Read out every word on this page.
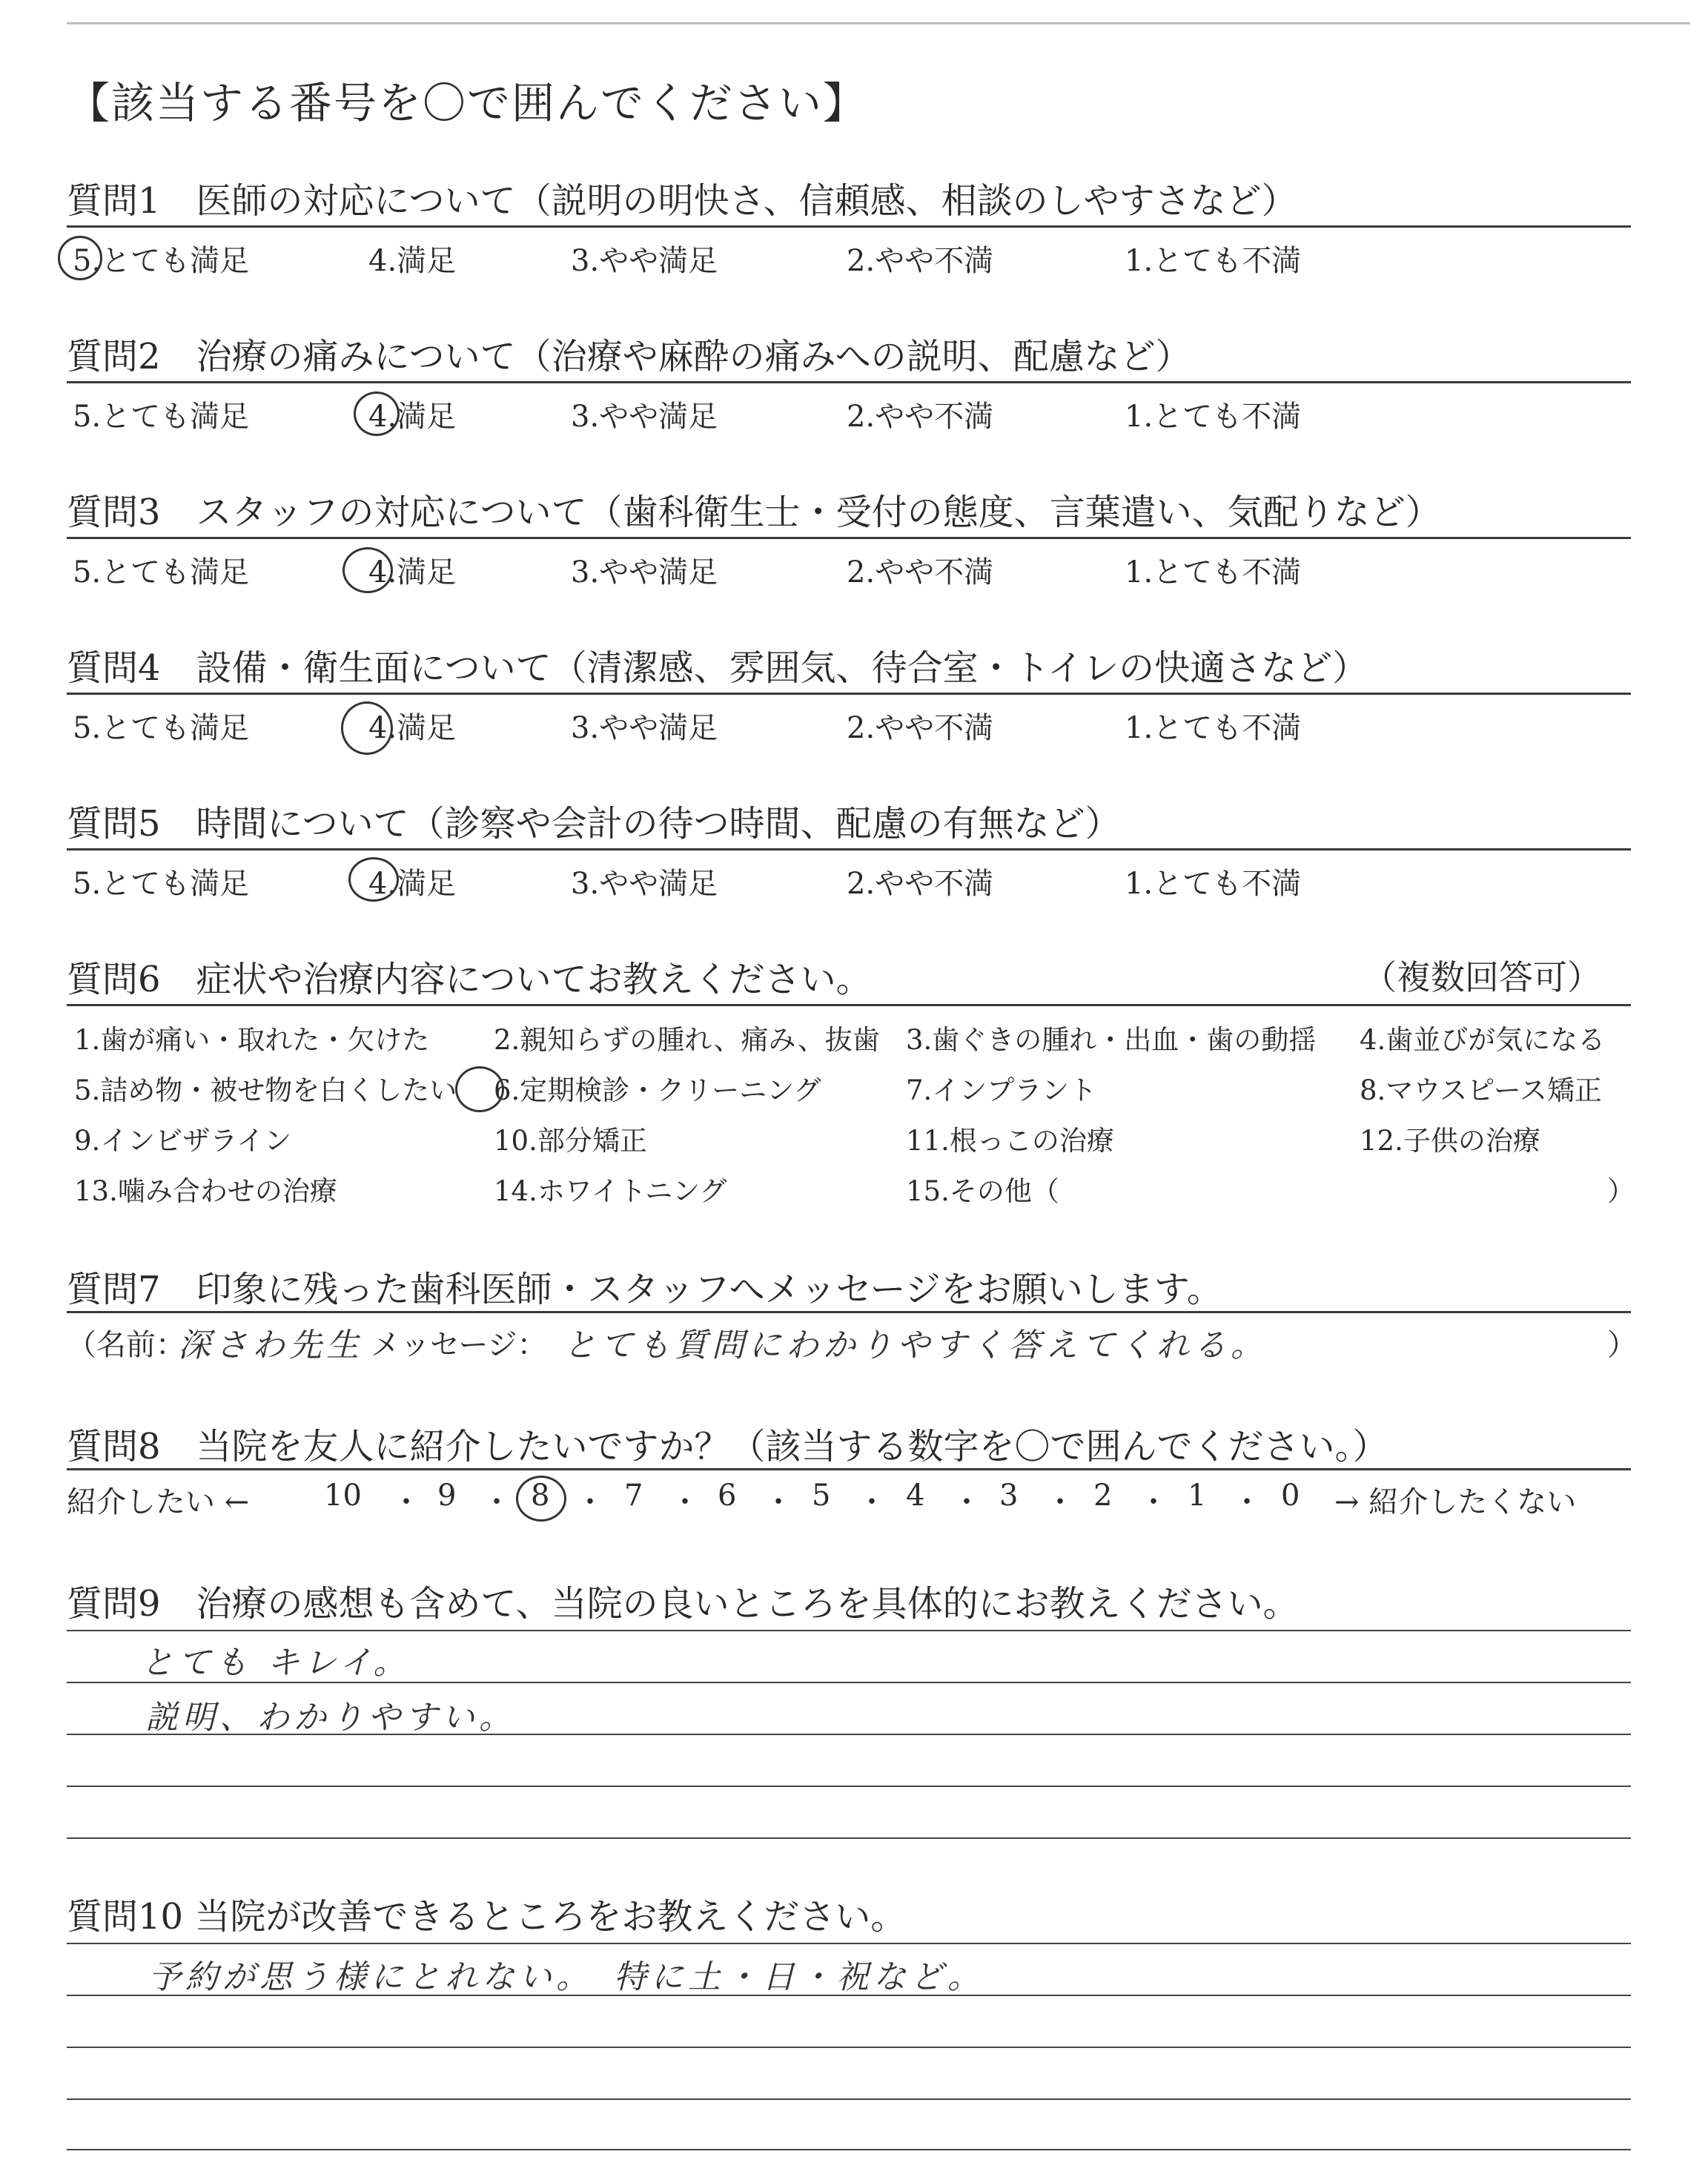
【該当する番号を〇で囲んでください】
質問1　医師の対応について（説明の明快さ、信頼感、相談のしやすさなど）
5.とても満足	4.満足	3.やや満足	2.やや不満	1.とても不満
質問2　治療の痛みについて（治療や麻酔の痛みへの説明、配慮など）
5.とても満足	4.満足	3.やや満足	2.やや不満	1.とても不満
質問3　スタッフの対応について（歯科衛生士・受付の態度、言葉遣い、気配りなど）
5.とても満足	4.満足	3.やや満足	2.やや不満	1.とても不満
質問4　設備・衛生面について（清潔感、雰囲気、待合室・トイレの快適さなど）
5.とても満足	4.満足	3.やや満足	2.やや不満	1.とても不満
質問5　時間について（診察や会計の待つ時間、配慮の有無など）
5.とても満足	4.満足	3.やや満足	2.やや不満	1.とても不満
質問6　症状や治療内容についてお教えください。	（複数回答可）
1.歯が痛い・取れた・欠けた 2.親知らずの腫れ、痛み、抜歯 3.歯ぐきの腫れ・出血・歯の動揺 4.歯並びが気になる
5.詰め物・被せ物を白くしたい 6.定期検診・クリーニング	7.インプラント	8.マウスピース矯正
9.インビザライン	10.部分矯正	11.根っこの治療	12.子供の治療
13.噛み合わせの治療	14.ホワイトニング	15.その他（	）
質問7　印象に残った歯科医師・スタッフへメッセージをお願いします。
（名前：
深さわ先生 メッセージ： とても質問にわかりやすく答えてくれる。	）
質問8　当院を友人に紹介したいですか？（該当する数字を〇で囲んでください。）
紹介したい ←	→ 紹介したくない
10 ・ 9 ・ 8 ・ 7 ・ 6 ・ 5 ・ 4 ・ 3 ・ 2 ・ 1 ・ 0
質問9　治療の感想も含めて、当院の良いところを具体的にお教えください。
とても キレイ。
説明、わかりやすい。
質問10 当院が改善できるところをお教えください。
予約が思う様にとれない。　特に土・日・祝など。
